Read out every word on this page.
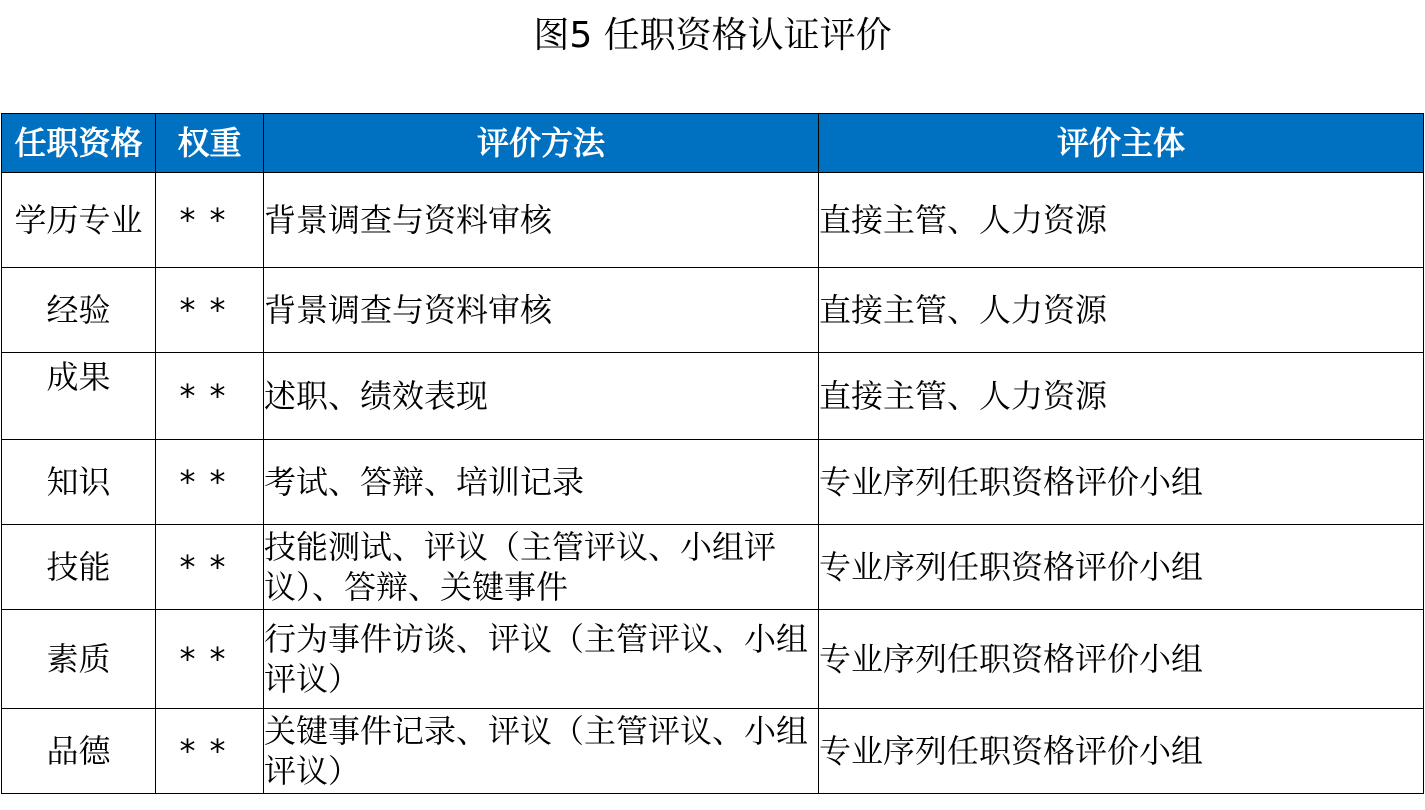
图5 任职资格认证评价
任职资格	权重	评价方法	评价主体
学历专业	**	背景调查与资料审核	直接主管、人力资源
经验	**	背景调查与资料审核	直接主管、人力资源
成果	**	述职、绩效表现	直接主管、人力资源
知识	**	考试、答辩、培训记录	专业序列任职资格评价小组
技能	**	技能测试、评议（主管评议、小组评议）、答辩、关键事件	专业序列任职资格评价小组
素质	**	行为事件访谈、评议（主管评议、小组评议）	专业序列任职资格评价小组
品德	**	关键事件记录、评议（主管评议、小组评议）	专业序列任职资格评价小组
